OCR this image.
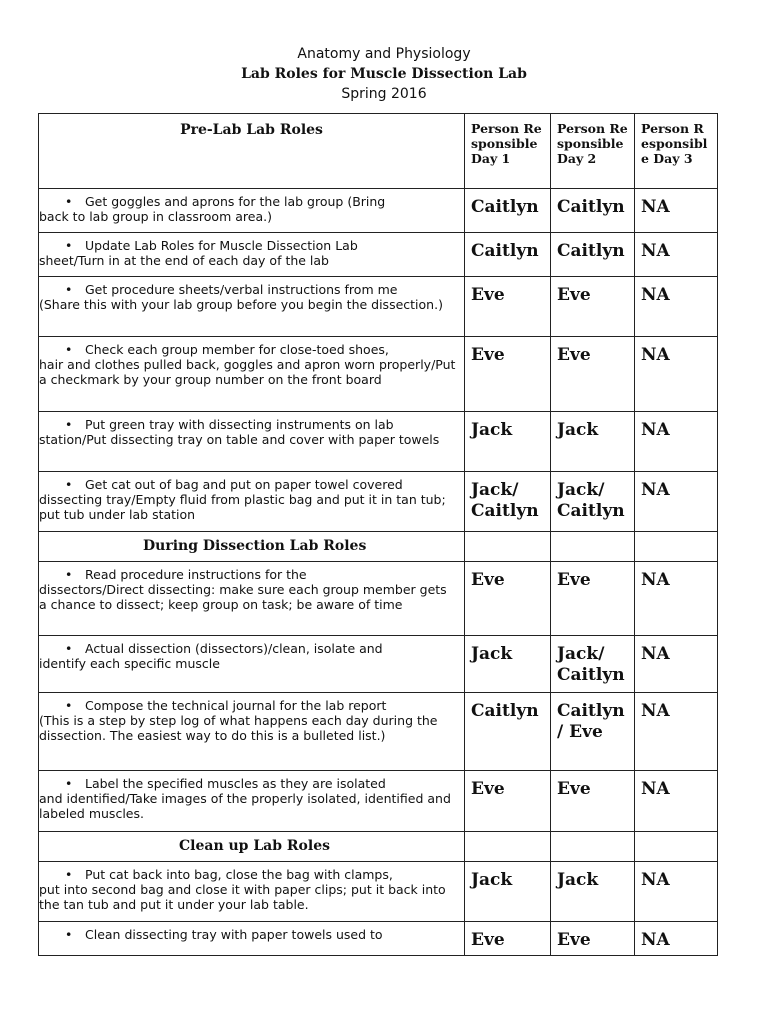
Anatomy and Physiology
Lab Roles for Muscle Dissection Lab
Spring 2016
Pre-Lab Lab Roles	Person Responsible Day 1	Person Responsible Day 2	Person Responsible Day 3

• Get goggles and aprons for the lab group (Bring
back to lab group in classroom area.)	Caitlyn	Caitlyn	NA

• Update Lab Roles for Muscle Dissection Lab
sheet/Turn in at the end of each day of the lab	Caitlyn	Caitlyn	NA

• Get procedure sheets/verbal instructions from me
(Share this with your lab group before you begin the dissection.)	Eve	Eve	NA

• Check each group member for close-toed shoes,
hair and clothes pulled back, goggles and apron worn properly/Put a checkmark by your group number on the front board	Eve	Eve	NA

• Put green tray with dissecting instruments on lab
station/Put dissecting tray on table and cover with paper towels	Jack	Jack	NA

• Get cat out of bag and put on paper towel covered
dissecting tray/Empty fluid from plastic bag and put it in tan tub; put tub under lab station	Jack/ Caitlyn	Jack/ Caitlyn	NA
During Dissection Lab Roles			

• Read procedure instructions for the
dissectors/Direct dissecting: make sure each group member gets a chance to dissect; keep group on task; be aware of time	Eve	Eve	NA

• Actual dissection (dissectors)/clean, isolate and
identify each specific muscle	Jack	Jack/ Caitlyn	NA

• Compose the technical journal for the lab report
(This is a step by step log of what happens each day during the dissection. The easiest way to do this is a bulleted list.)	Caitlyn	Caitlyn / Eve	NA

• Label the specified muscles as they are isolated
and identified/Take images of the properly isolated, identified and labeled muscles.	Eve	Eve	NA
Clean up Lab Roles			

• Put cat back into bag, close the bag with clamps,
put into second bag and close it with paper clips; put it back into the tan tub and put it under your lab table.	Jack	Jack	NA

• Clean dissecting tray with paper towels used to	Eve	Eve	NA
